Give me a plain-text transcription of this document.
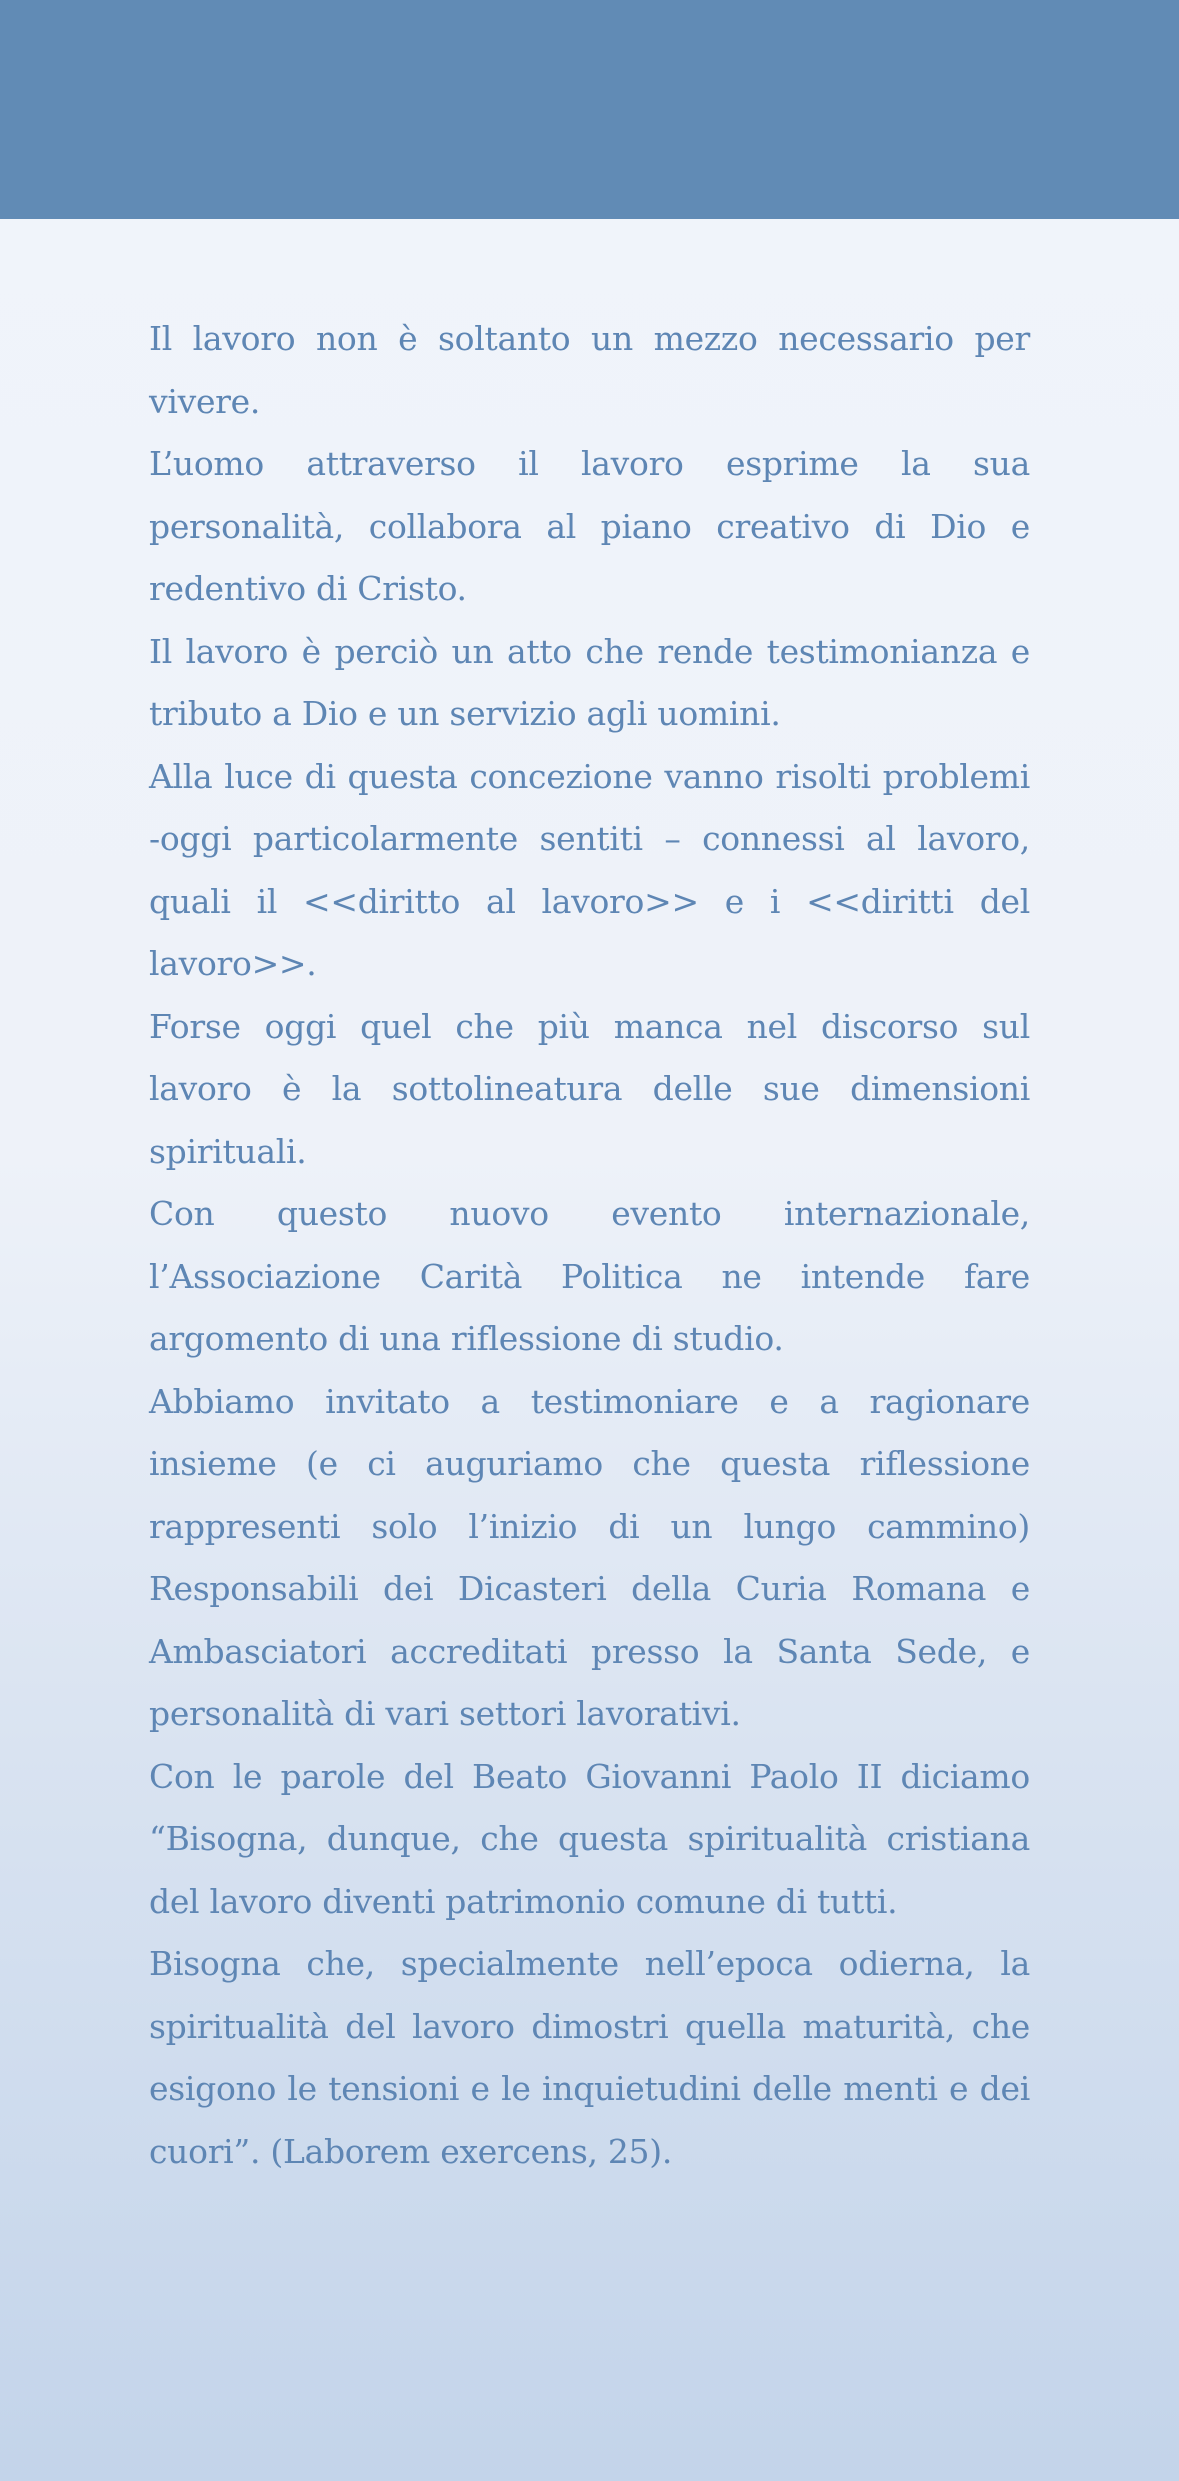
Il lavoro non è soltanto un mezzo necessario per vivere.

L’uomo attraverso il lavoro esprime la sua personalità, collabora al piano creativo di Dio e redentivo di Cristo.

Il lavoro è perciò un atto che rende testimonianza e tributo a Dio e un servizio agli uomini.

Alla luce di questa concezione vanno risolti problemi -oggi particolarmente sentiti – connessi al lavoro, quali il <<diritto al lavoro>> e i <<diritti del lavoro>>.

Forse oggi quel che più manca nel discorso sul lavoro è la sottolineatura delle sue dimensioni spirituali.

Con questo nuovo evento internazionale, l’Associazione Carità Politica ne intende fare argomento di una riflessione di studio.

Abbiamo invitato a testimoniare e a ragionare insieme (e ci auguriamo che questa riflessione rappresenti solo l’inizio di un lungo cammino) Responsabili dei Dicasteri della Curia Romana e Ambasciatori accreditati presso la Santa Sede, e personalità di vari settori lavorativi.

Con le parole del Beato Giovanni Paolo II diciamo “Bisogna, dunque, che questa spiritualità cristiana del lavoro diventi patrimonio comune di tutti.

Bisogna che, specialmente nell’epoca odierna, la spiritualità del lavoro dimostri quella maturità, che esigono le tensioni e le inquietudini delle menti e dei cuori”. (Laborem exercens, 25).
